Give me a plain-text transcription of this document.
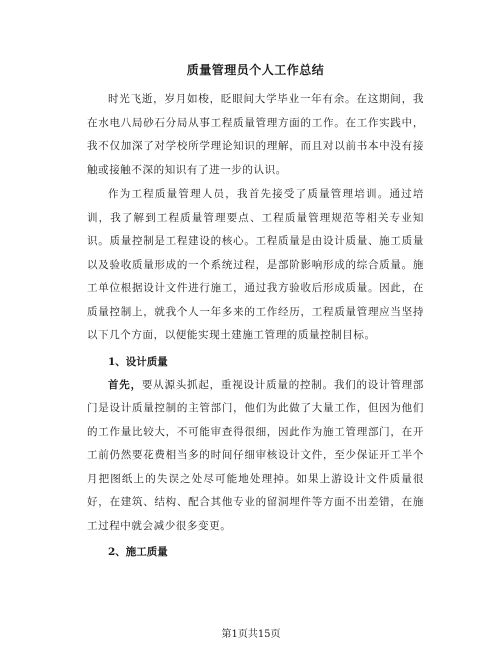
质量管理员个人工作总结

时光飞逝，岁月如梭，眨眼间大学毕业一年有余。在这期间，我在水电八局砂石分局从事工程质量管理方面的工作。在工作实践中，我不仅加深了对学校所学理论知识的理解，而且对以前书本中没有接触或接触不深的知识有了进一步的认识。

作为工程质量管理人员，我首先接受了质量管理培训。通过培训，我了解到工程质量管理要点、工程质量管理规范等相关专业知识。质量控制是工程建设的核心。工程质量是由设计质量、施工质量以及验收质量形成的一个系统过程，是部阶影响形成的综合质量。施工单位根据设计文件进行施工，通过我方验收后形成质量。因此，在质量控制上，就我个人一年多来的工作经历，工程质量管理应当坚持以下几个方面，以便能实现土建施工管理的质量控制目标。

1、设计质量

首先，要从源头抓起，重视设计质量的控制。我们的设计管理部门是设计质量控制的主管部门，他们为此做了大量工作，但因为他们的工作量比较大，不可能审查得很细，因此作为施工管理部门，在开工前仍然要花费相当多的时间仔细审核设计文件，至少保证开工半个月把图纸上的失误之处尽可能地处理掉。如果上游设计文件质量很好，在建筑、结构、配合其他专业的留洞埋件等方面不出差错，在施工过程中就会减少很多变更。

2、施工质量
第1页共15页
